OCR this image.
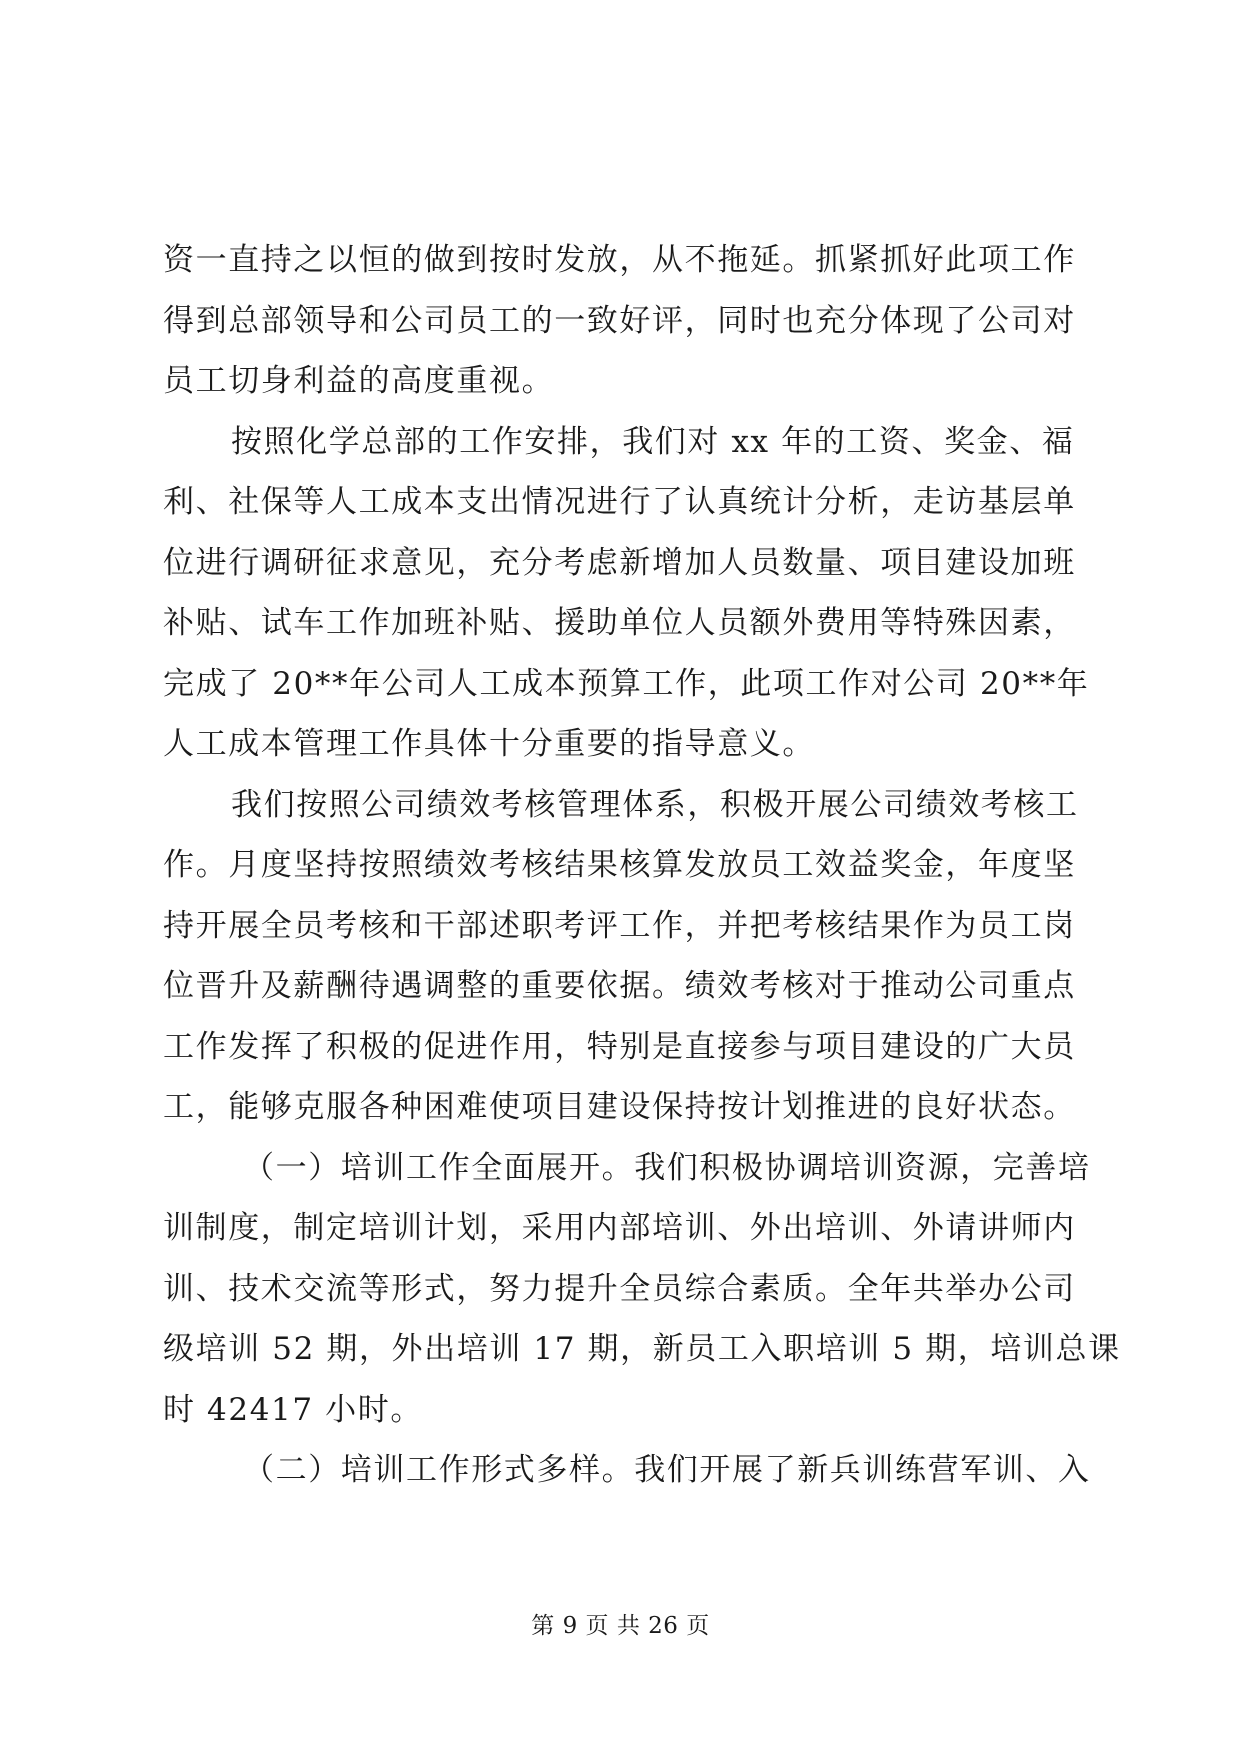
资一直持之以恒的做到按时发放，从不拖延。抓紧抓好此项工作
得到总部领导和公司员工的一致好评，同时也充分体现了公司对
员工切身利益的高度重视。
按照化学总部的工作安排，我们对 xx 年的工资、奖金、福
利、社保等人工成本支出情况进行了认真统计分析，走访基层单
位进行调研征求意见，充分考虑新增加人员数量、项目建设加班
补贴、试车工作加班补贴、援助单位人员额外费用等特殊因素，
完成了 20**年公司人工成本预算工作，此项工作对公司 20**年
人工成本管理工作具体十分重要的指导意义。
我们按照公司绩效考核管理体系，积极开展公司绩效考核工
作。月度坚持按照绩效考核结果核算发放员工效益奖金，年度坚
持开展全员考核和干部述职考评工作，并把考核结果作为员工岗
位晋升及薪酬待遇调整的重要依据。绩效考核对于推动公司重点
工作发挥了积极的促进作用，特别是直接参与项目建设的广大员
工，能够克服各种困难使项目建设保持按计划推进的良好状态。
（一）培训工作全面展开。我们积极协调培训资源，完善培
训制度，制定培训计划，采用内部培训、外出培训、外请讲师内
训、技术交流等形式，努力提升全员综合素质。全年共举办公司
级培训 52 期，外出培训 17 期，新员工入职培训 5 期，培训总课
时 42417 小时。
（二）培训工作形式多样。我们开展了新兵训练营军训、入
第 9 页 共 26 页
